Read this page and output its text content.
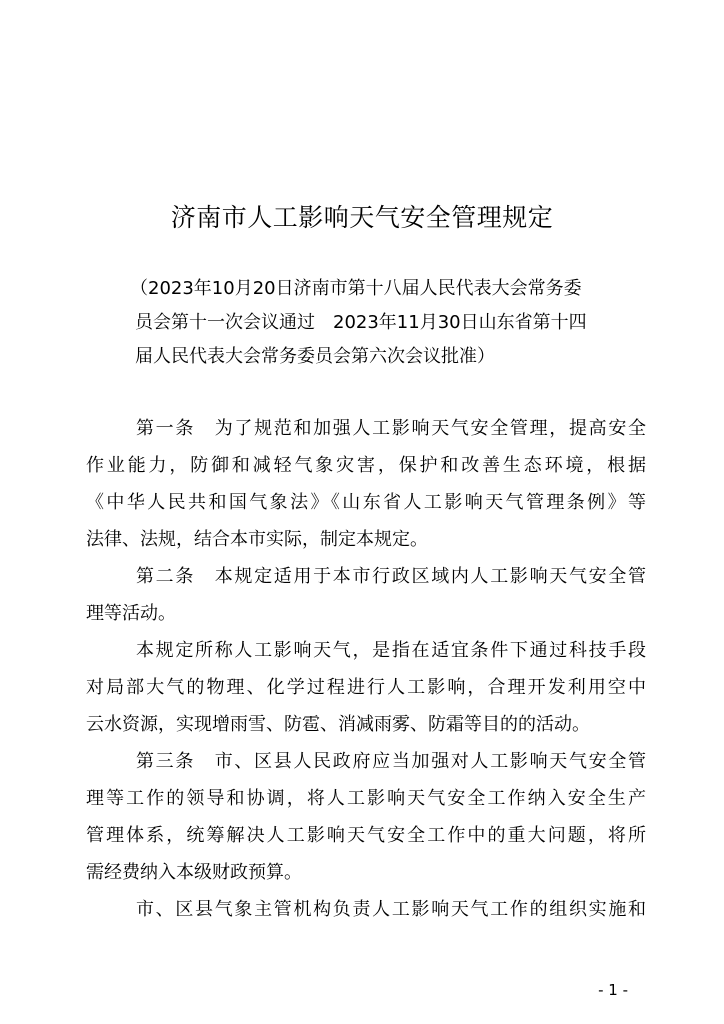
济南市人工影响天气安全管理规定
（2023年10月20日济南市第十八届人民代表大会常务委
员会第十一次会议通过　2023年11月30日山东省第十四
届人民代表大会常务委员会第六次会议批准）
第一条　为了规范和加强人工影响天气安全管理，提高安全
作业能力，防御和减轻气象灾害，保护和改善生态环境，根据
《中华人民共和国气象法》《山东省人工影响天气管理条例》等
法律、法规，结合本市实际，制定本规定。
第二条　本规定适用于本市行政区域内人工影响天气安全管
理等活动。
本规定所称人工影响天气，是指在适宜条件下通过科技手段
对局部大气的物理、化学过程进行人工影响，合理开发利用空中
云水资源，实现增雨雪、防雹、消减雨雾、防霜等目的的活动。
第三条　市、区县人民政府应当加强对人工影响天气安全管
理等工作的领导和协调，将人工影响天气安全工作纳入安全生产
管理体系，统筹解决人工影响天气安全工作中的重大问题，将所
需经费纳入本级财政预算。
市、区县气象主管机构负责人工影响天气工作的组织实施和
- 1 -
